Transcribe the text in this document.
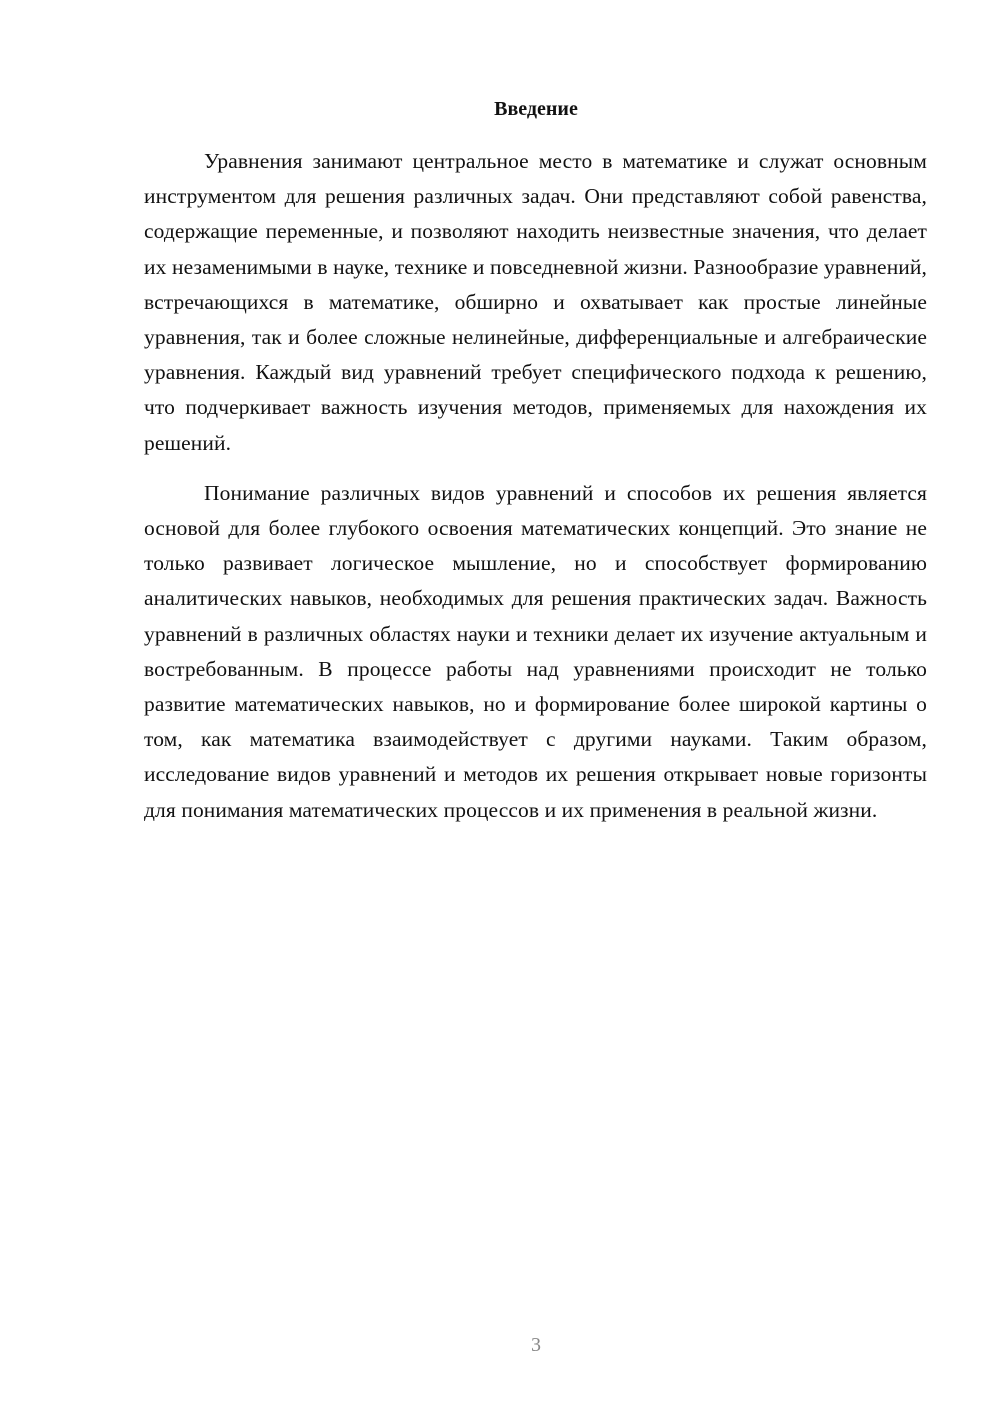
Введение

Уравнения занимают центральное место в математике и служат основным инструментом для решения различных задач. Они представляют собой равенства, содержащие переменные, и позволяют находить неизвестные значения, что делает их незаменимыми в науке, технике и повседневной жизни. Разнообразие уравнений, встречающихся в математике, обширно и охватывает как простые линейные уравнения, так и более сложные нелинейные, дифференциальные и алгебраические уравнения. Каждый вид уравнений требует специфического подхода к решению, что подчеркивает важность изучения методов, применяемых для нахождения их решений.

Понимание различных видов уравнений и способов их решения является основой для более глубокого освоения математических концепций. Это знание не только развивает логическое мышление, но и способствует формированию аналитических навыков, необходимых для решения практических задач. Важность уравнений в различных областях науки и техники делает их изучение актуальным и востребованным. В процессе работы над уравнениями происходит не только развитие математических навыков, но и формирование более широкой картины о том, как математика взаимодействует с другими науками. Таким образом, исследование видов уравнений и методов их решения открывает новые горизонты для понимания математических процессов и их применения в реальной жизни.

3
